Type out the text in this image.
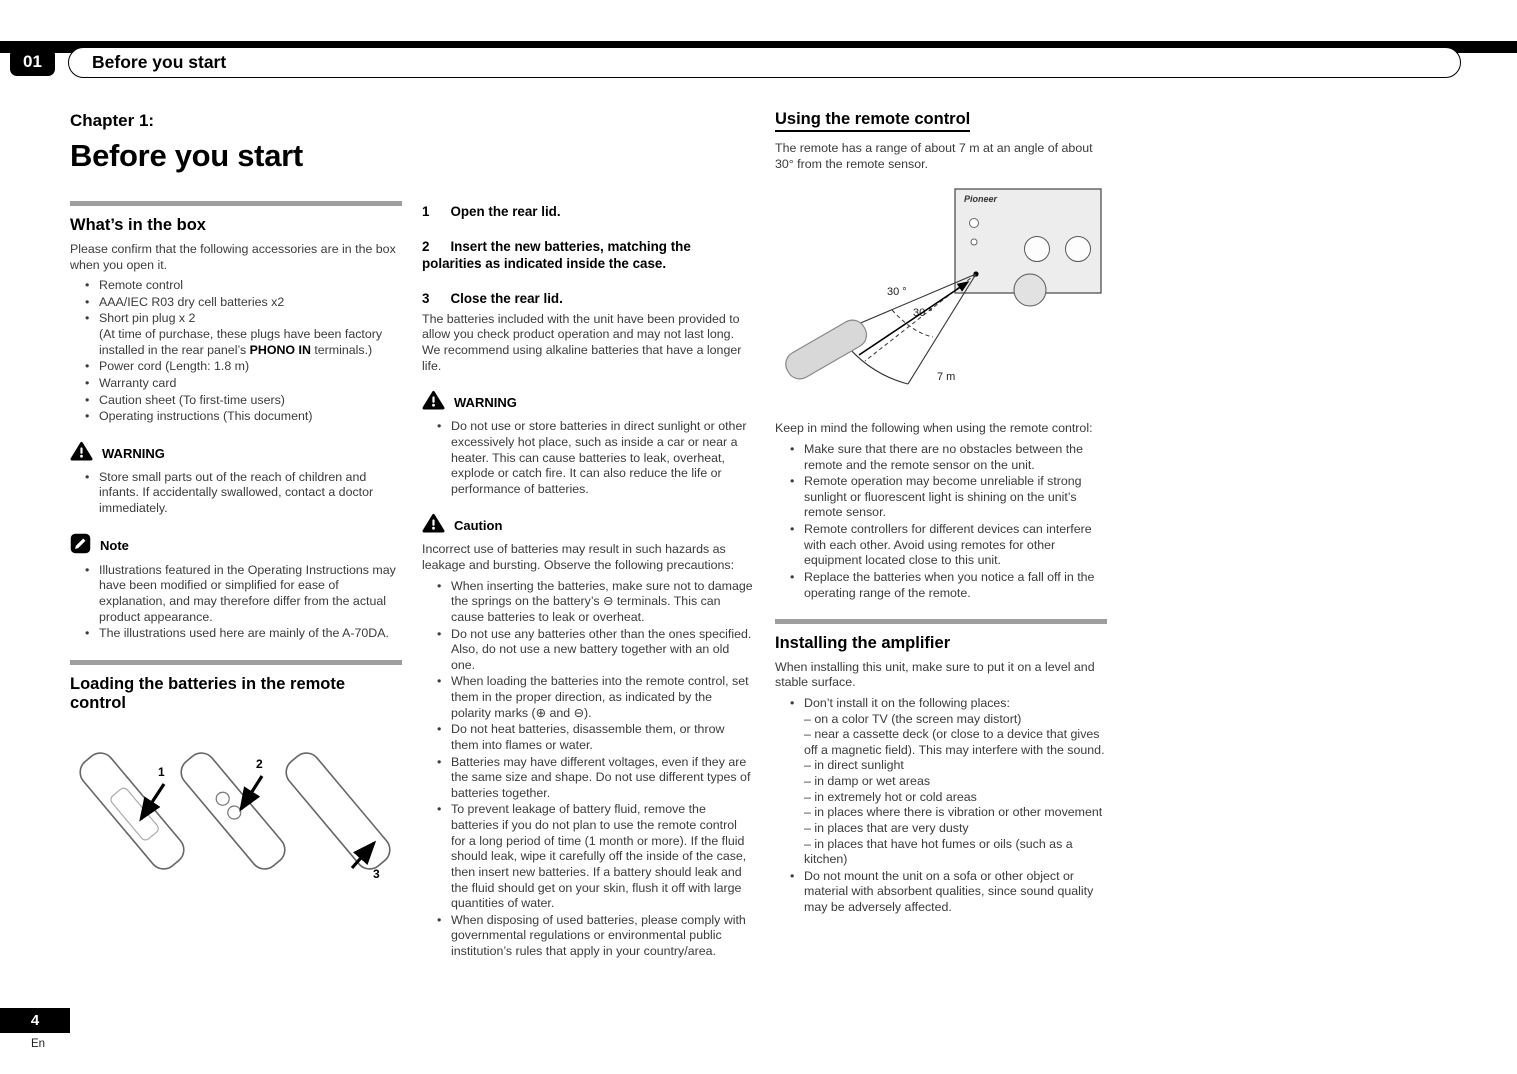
01	Before you start
Chapter 1:
Before you start
What’s in the box

Please confirm that the following accessories are in the box when you open it.

• Remote control
• AAA/IEC R03 dry cell batteries x2
• Short pin plug x 2
(At time of purchase, these plugs have been factory installed in the rear panel’s PHONO IN terminals.)
• Power cord (Length: 1.8 m)
• Warranty card
• Caution sheet (To first-time users)
• Operating instructions (This document)
WARNING
• Store small parts out of the reach of children and infants. If accidentally swallowed, contact a doctor immediately.
Note
• Illustrations featured in the Operating Instructions may have been modified or simplified for ease of explanation, and may therefore differ from the actual product appearance.
• The illustrations used here are mainly of the A-70DA.
Loading the batteries in the remote control
1
2
3
1 Open the rear lid.
2 Insert the new batteries, matching the polarities as indicated inside the case.
3 Close the rear lid.

The batteries included with the unit have been provided to allow you check product operation and may not last long. We recommend using alkaline batteries that have a longer life.

WARNING
• Do not use or store batteries in direct sunlight or other excessively hot place, such as inside a car or near a heater. This can cause batteries to leak, overheat, explode or catch fire. It can also reduce the life or performance of batteries.
Caution

Incorrect use of batteries may result in such hazards as leakage and bursting. Observe the following precautions:

• When inserting the batteries, make sure not to damage the springs on the battery’s ⊖ terminals. This can cause batteries to leak or overheat.
• Do not use any batteries other than the ones specified. Also, do not use a new battery together with an old one.
• When loading the batteries into the remote control, set them in the proper direction, as indicated by the polarity marks (⊕ and ⊖).
• Do not heat batteries, disassemble them, or throw them into flames or water.
• Batteries may have different voltages, even if they are the same size and shape. Do not use different types of batteries together.
• To prevent leakage of battery fluid, remove the batteries if you do not plan to use the remote control for a long period of time (1 month or more). If the fluid should leak, wipe it carefully off the inside of the case, then insert new batteries. If a battery should leak and the fluid should get on your skin, flush it off with large quantities of water.
• When disposing of used batteries, please comply with governmental regulations or environmental public institution’s rules that apply in your country/area.
Using the remote control

The remote has a range of about 7 m at an angle of about 30° from the remote sensor.

Pioneer
30 °
30 °
7 m

Keep in mind the following when using the remote control:

• Make sure that there are no obstacles between the remote and the remote sensor on the unit.
• Remote operation may become unreliable if strong sunlight or fluorescent light is shining on the unit’s remote sensor.
• Remote controllers for different devices can interfere with each other. Avoid using remotes for other equipment located close to this unit.
• Replace the batteries when you notice a fall off in the operating range of the remote.
Installing the amplifier

When installing this unit, make sure to put it on a level and stable surface.

• Don’t install it on the following places:
– on a color TV (the screen may distort)
– near a cassette deck (or close to a device that gives off a magnetic field). This may interfere with the sound.
– in direct sunlight
– in damp or wet areas
– in extremely hot or cold areas
– in places where there is vibration or other movement
– in places that are very dusty
– in places that have hot fumes or oils (such as a kitchen)
• Do not mount the unit on a sofa or other object or material with absorbent qualities, since sound quality may be adversely affected.
4
En
